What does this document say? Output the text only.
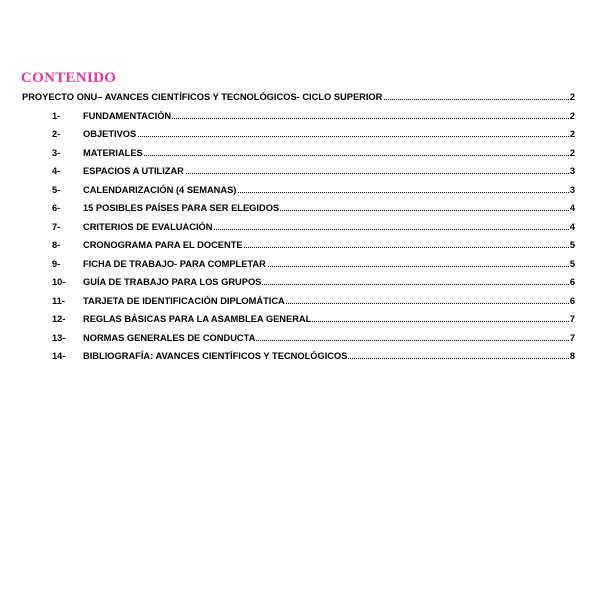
CONTENIDO
PROYECTO ONU– AVANCES CIENTÍFICOS Y TECNOLÓGICOS- CICLO SUPERIOR	2
1- FUNDAMENTACIÓN	2
2- OBJETIVOS	2
3- MATERIALES	2
4- ESPACIOS A UTILIZAR	3
5- CALENDARIZACIÓN (4 SEMANAS)	3
6- 15 POSIBLES PAÍSES PARA SER ELEGIDOS	4
7- CRITERIOS DE EVALUACIÓN	4
8- CRONOGRAMA PARA EL DOCENTE	5
9- FICHA DE TRABAJO- PARA COMPLETAR	5
10- GUÍA DE TRABAJO PARA LOS GRUPOS	6
11- TARJETA DE IDENTIFICACIÓN DIPLOMÁTICA	6
12- REGLAS BÁSICAS PARA LA ASAMBLEA GENERAL	7
13- NORMAS GENERALES DE CONDUCTA	7
14- BIBLIOGRAFÍA: AVANCES CIENTÍFICOS Y TECNOLÓGICOS	8
